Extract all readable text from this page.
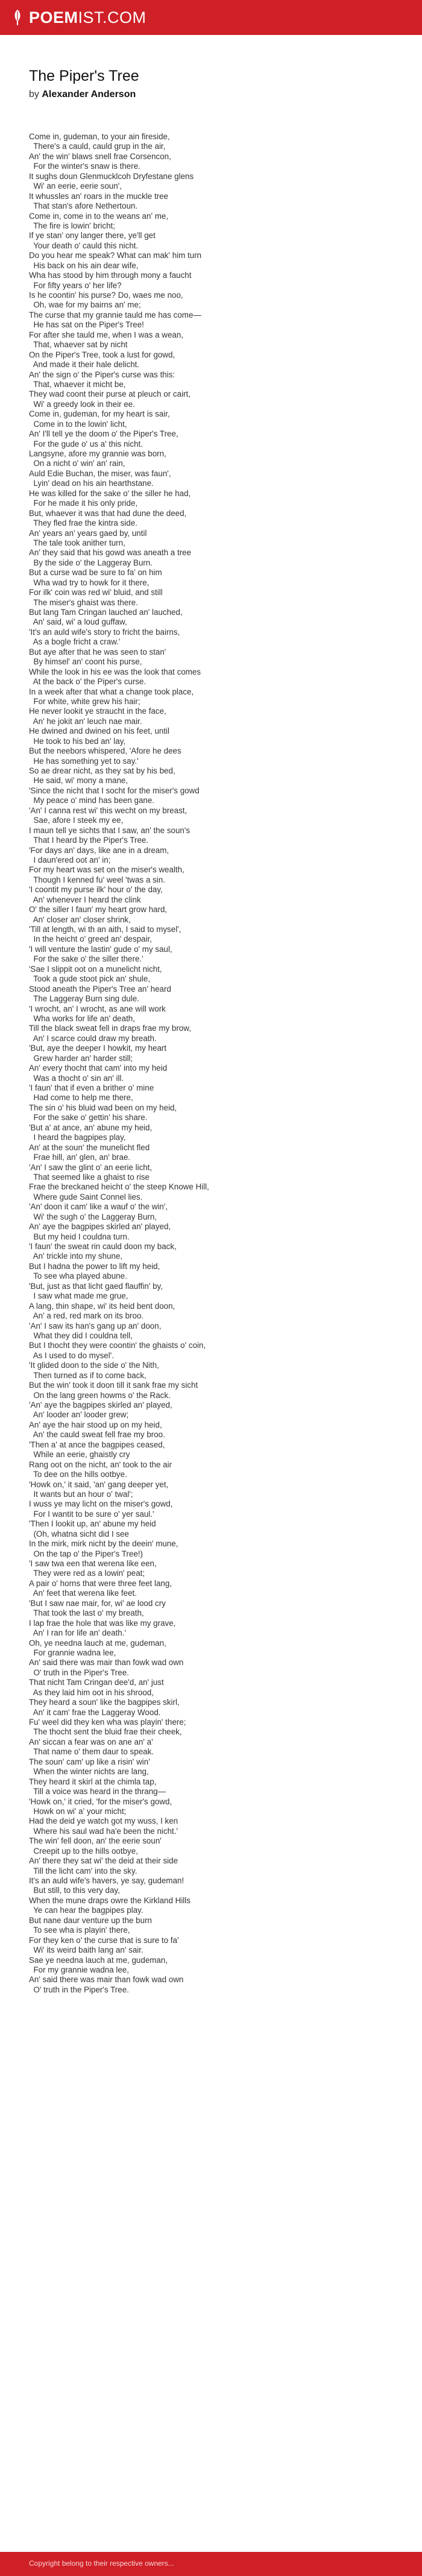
POEMIST.COM
The Piper's Tree
by Alexander Anderson
Come in, gudeman, to your ain fireside,
There's a cauld, cauld grup in the air,
An' the win' blaws snell frae Corsencon,
For the winter's snaw is there.
It sughs doun Glenmucklcoh Dryfestane glens
Wi' an eerie, eerie soun',
It whussles an' roars in the muckle tree
That stan's afore Nethertoun.
Come in, come in to the weans an' me,
The fire is lowin' bricht;
If ye stan' ony langer there, ye'll get
Your death o' cauld this nicht.
Do you hear me speak? What can mak' him turn
His back on his ain dear wife,
Wha has stood by him through mony a faucht
For fifty years o' her life?
Is he coontin' his purse? Do, waes me noo,
Oh, wae for my bairns an' me;
The curse that my grannie tauld me has come—
He has sat on the Piper's Tree!
For after she tauld me, when I was a wean,
That, whaever sat by nicht
On the Piper's Tree, took a lust for gowd,
And made it their hale delicht.
An' the sign o' the Piper's curse was this:
That, whaever it micht be,
They wad coont their purse at pleuch or cairt,
Wi' a greedy look in their ee.
Come in, gudeman, for my heart is sair,
Come in to the lowin' licht,
An' I'll tell ye the doom o' the Piper's Tree,
For the gude o' us a' this nicht.
Langsyne, afore my grannie was born,
On a nicht o' win' an' rain,
Auld Edie Buchan, the miser, was faun',
Lyin' dead on his ain hearthstane.
He was killed for the sake o' the siller he had,
For he made it his only pride,
But, whaever it was that had dune the deed,
They fled frae the kintra side.
An' years an' years gaed by, until
The tale took anither turn,
An' they said that his gowd was aneath a tree
By the side o' the Laggeray Burn.
But a curse wad be sure to fa' on him
Wha wad try to howk for it there,
For ilk' coin was red wi' bluid, and still
The miser's ghaist was there.
But lang Tam Cringan lauched an' lauched,
An' said, wi' a loud guffaw,
'It's an auld wife's story to fricht the bairns,
As a bogle fricht a craw.'
But aye after that he was seen to stan'
By himsel' an' coont his purse,
While the look in his ee was the look that comes
At the back o' the Piper's curse.
In a week after that what a change took place,
For white, white grew his hair;
He never lookit ye straucht in the face,
An' he jokit an' leuch nae mair.
He dwined and dwined on his feet, until
He took to his bed an' lay,
But the neebors whispered, 'Afore he dees
He has something yet to say.'
So ae drear nicht, as they sat by his bed,
He said, wi' mony a mane,
'Since the nicht that I socht for the miser's gowd
My peace o' mind has been gane.
'An' I canna rest wi' this wecht on my breast,
Sae, afore I steek my ee,
I maun tell ye sichts that I saw, an' the soun's
That I heard by the Piper's Tree.
'For days an' days, like ane in a dream,
I daun'ered oot an' in;
For my heart was set on the miser's wealth,
Though I kenned fu' weel 'twas a sin.
'I coontit my purse ilk' hour o' the day,
An' whenever I heard the clink
O' the siller I faun' my heart grow hard,
An' closer an' closer shrink,
'Till at length, wi th an aith, I said to mysel',
In the heicht o' greed an' despair,
'I will venture the lastin' gude o' my saul,
For the sake o' the siller there.'
'Sae I slippit oot on a munelicht nicht,
Took a gude stoot pick an' shule,
Stood aneath the Piper's Tree an' heard
The Laggeray Burn sing dule.
'I wrocht, an' I wrocht, as ane will work
Wha works for life an' death,
Till the black sweat fell in draps frae my brow,
An' I scarce could draw my breath.
'But, aye the deeper I howkit, my heart
Grew harder an' harder still;
An' every thocht that cam' into my heid
Was a thocht o' sin an' ill.
'I faun' that if even a brither o' mine
Had come to help me there,
The sin o' his bluid wad been on my heid,
For the sake o' gettin' his share.
'But a' at ance, an' abune my heid,
I heard the bagpipes play,
An' at the soun' the munelicht fled
Frae hill, an' glen, an' brae.
'An' I saw the glint o' an eerie licht,
That seemed like a ghaist to rise
Frae the breckaned heicht o' the steep Knowe Hill,
Where gude Saint Connel lies.
'An' doon it cam' like a wauf o' the win',
Wi' the sugh o' the Laggeray Burn,
An' aye the bagpipes skirled an' played,
But my heid I couldna turn.
'I faun' the sweat rin cauld doon my back,
An' trickle into my shune,
But I hadna the power to lift my heid,
To see wha played abune.
'But, just as that licht gaed flauffin' by,
I saw what made me grue,
A lang, thin shape, wi' its heid bent doon,
An' a red, red mark on its broo.
'An' I saw its han's gang up an' doon,
What they did I couldna tell,
But I thocht they were coontin' the ghaists o' coin,
As I used to do mysel'.
'It glided doon to the side o' the Nith,
Then turned as if to come back,
But the win' took it doon till it sank frae my sicht
On the lang green howms o' the Rack.
'An' aye the bagpipes skirled an' played,
An' looder an' looder grew;
An' aye the hair stood up on my heid,
An' the cauld sweat fell frae my broo.
'Then a' at ance the bagpipes ceased,
While an eerie, ghaistly cry
Rang oot on the nicht, an' took to the air
To dee on the hills ootbye.
'Howk on,' it said, 'an' gang deeper yet,
It wants but an hour o' twal';
I wuss ye may licht on the miser's gowd,
For I wantit to be sure o' yer saul.'
'Then I lookit up, an' abune my heid
(Oh, whatna sicht did I see
In the mirk, mirk nicht by the deein' mune,
On the tap o' the Piper's Tree!)
'I saw twa een that werena like een,
They were red as a lowin' peat;
A pair o' horns that were three feet lang,
An' feet that werena like feet.
'But I saw nae mair, for, wi' ae lood cry
That took the last o' my breath,
I lap frae the hole that was like my grave,
An' I ran for life an' death.'
Oh, ye needna lauch at me, gudeman,
For grannie wadna lee,
An' said there was mair than fowk wad own
O' truth in the Piper's Tree.
That nicht Tam Cringan dee'd, an' just
As they laid him oot in his shrood,
They heard a soun' like the bagpipes skirl,
An' it cam' frae the Laggeray Wood.
Fu' weel did they ken wha was playin' there;
The thocht sent the bluid frae their cheek,
An' siccan a fear was on ane an' a'
That name o' them daur to speak.
The soun' cam' up like a risin' win'
When the winter nichts are lang,
They heard it skirl at the chimla tap,
Till a voice was heard in the thrang—
'Howk on,' it cried, 'for the miser's gowd,
Howk on wi' a' your micht;
Had the deid ye watch got my wuss, I ken
Where his saul wad ha'e been the nicht.'
The win' fell doon, an' the eerie soun'
Creepit up to the hills ootbye,
An' there they sat wi' the deid at their side
Till the licht cam' into the sky.
It's an auld wife's havers, ye say, gudeman!
But still, to this very day,
When the mune draps owre the Kirkland Hills
Ye can hear the bagpipes play.
But nane daur venture up the burn
To see wha is playin' there,
For they ken o' the curse that is sure to fa'
Wi' its weird baith lang an' sair.
Sae ye needna lauch at me, gudeman,
For my grannie wadna lee,
An' said there was mair than fowk wad own
O' truth in the Piper's Tree.
Copyright belong to their respective owners...
